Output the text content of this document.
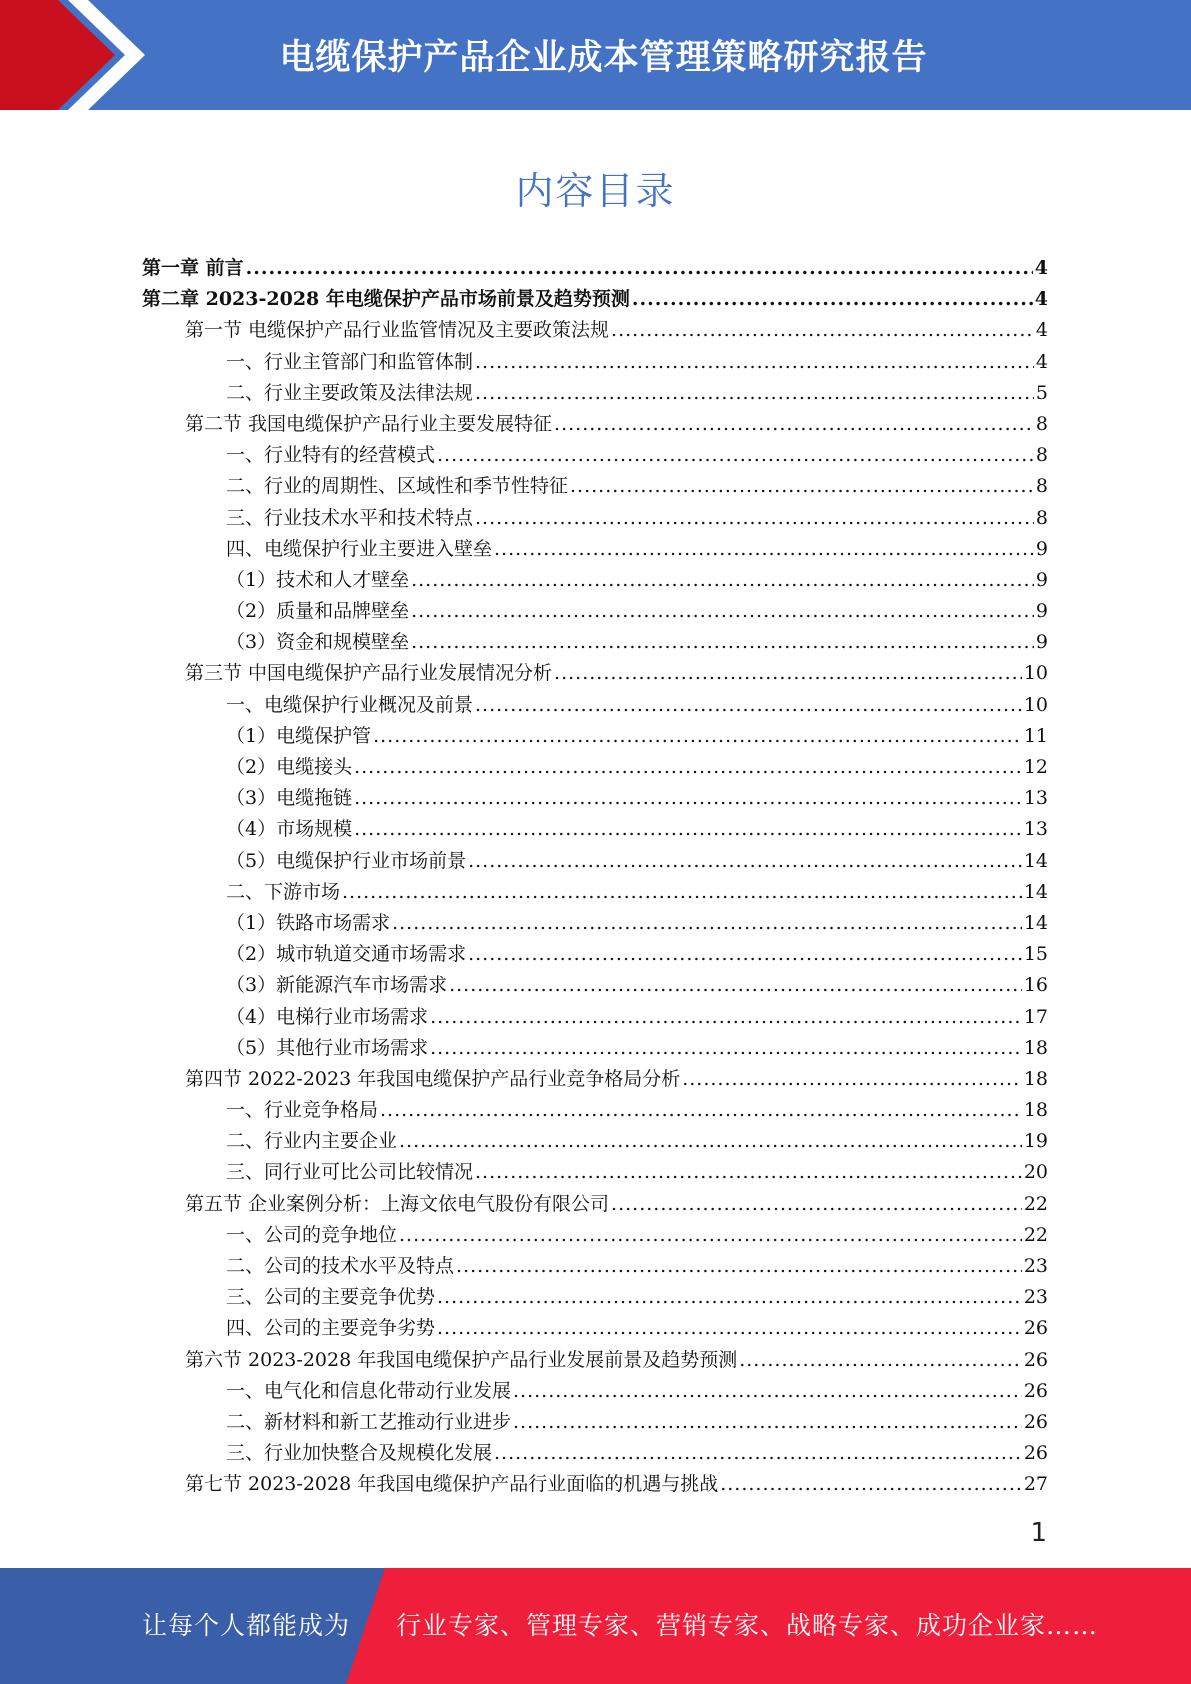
电缆保护产品企业成本管理策略研究报告
内容目录
第一章 前言 .....	4
第二章 2023-2028 年电缆保护产品市场前景及趋势预测 .....	4
第一节 电缆保护产品行业监管情况及主要政策法规 .....	4
一、行业主管部门和监管体制 .....	4
二、行业主要政策及法律法规 .....	5
第二节 我国电缆保护产品行业主要发展特征 .....	8
一、行业特有的经营模式 .....	8
二、行业的周期性、区域性和季节性特征 .....	8
三、行业技术水平和技术特点 .....	8
四、电缆保护行业主要进入壁垒 .....	9
（1）技术和人才壁垒 .....	9
（2）质量和品牌壁垒 .....	9
（3）资金和规模壁垒 .....	9
第三节 中国电缆保护产品行业发展情况分析 .....	10
一、电缆保护行业概况及前景 .....	10
（1）电缆保护管 .....	11
（2）电缆接头 .....	12
（3）电缆拖链 .....	13
（4）市场规模 .....	13
（5）电缆保护行业市场前景 .....	14
二、下游市场 .....	14
（1）铁路市场需求 .....	14
（2）城市轨道交通市场需求 .....	15
（3）新能源汽车市场需求 .....	16
（4）电梯行业市场需求 .....	17
（5）其他行业市场需求 .....	18
第四节 2022-2023 年我国电缆保护产品行业竞争格局分析 .....	18
一、行业竞争格局 .....	18
二、行业内主要企业 .....	19
三、同行业可比公司比较情况 .....	20
第五节 企业案例分析：上海文依电气股份有限公司 .....	22
一、公司的竞争地位 .....	22
二、公司的技术水平及特点 .....	23
三、公司的主要竞争优势 .....	23
四、公司的主要竞争劣势 .....	26
第六节 2023-2028 年我国电缆保护产品行业发展前景及趋势预测 .....	26
一、电气化和信息化带动行业发展 .....	26
二、新材料和新工艺推动行业进步 .....	26
三、行业加快整合及规模化发展 .....	26
第七节 2023-2028 年我国电缆保护产品行业面临的机遇与挑战 .....	27
1
让每个人都能成为 行业专家、管理专家、营销专家、战略专家、成功企业家……
